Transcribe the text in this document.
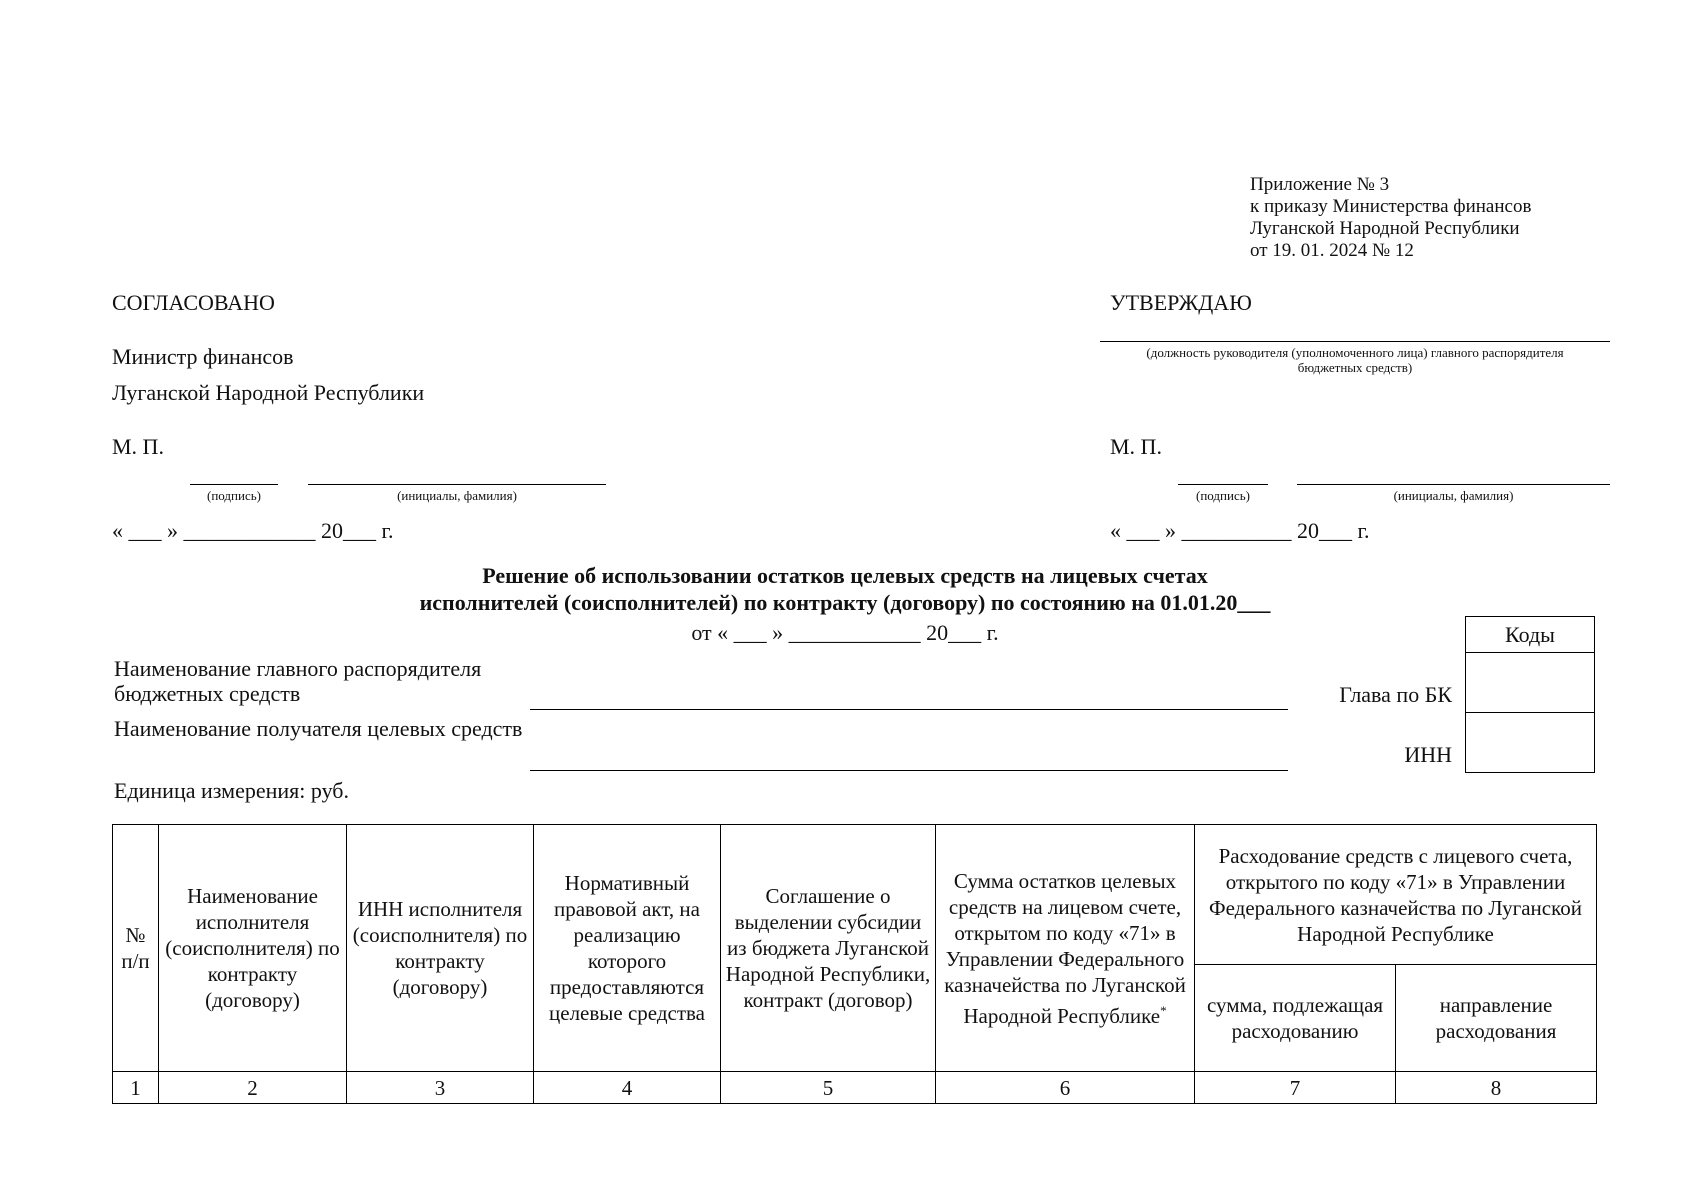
Приложение № 3
к приказу Министерства финансов
Луганской Народной Республики
от 19. 01. 2024 № 12
СОГЛАСОВАНО
Министр финансов
Луганской Народной Республики
М. П.
(подпись)	(инициалы, фамилия)
« ___ » ____________ 20___ г.
УТВЕРЖДАЮ
(должность руководителя (уполномоченного лица) главного распорядителя бюджетных средств)
М. П.
(подпись)	(инициалы, фамилия)
« ___ » __________ 20___ г.
Решение об использовании остатков целевых средств на лицевых счетах
исполнителей (соисполнителей) по контракту (договору) по состоянию на 01.01.20___
от « ___ » ____________ 20___ г.	Коды

Наименование главного распорядителя бюджетных средств	Глава по БК
Наименование получателя целевых средств
ИНН
Единица измерения: руб.
№ п/п	Наименование исполнителя (соисполнителя) по контракту (договору)	ИНН исполнителя (соисполнителя) по контракту (договору)	Нормативный правовой акт, на реализацию которого предоставляются целевые средства	Соглашение о выделении субсидии из бюджета Луганской Народной Республики, контракт (договор)	Сумма остатков целевых средств на лицевом счете, открытом по коду «71» в Управлении Федерального казначейства по Луганской Народной Республике*	Расходование средств с лицевого счета, открытого по коду «71» в Управлении Федерального казначейства по Луганской Народной Республике	
						сумма, подлежащая расходованию	направление расходования
1	2	3	4	5	6	7	8
